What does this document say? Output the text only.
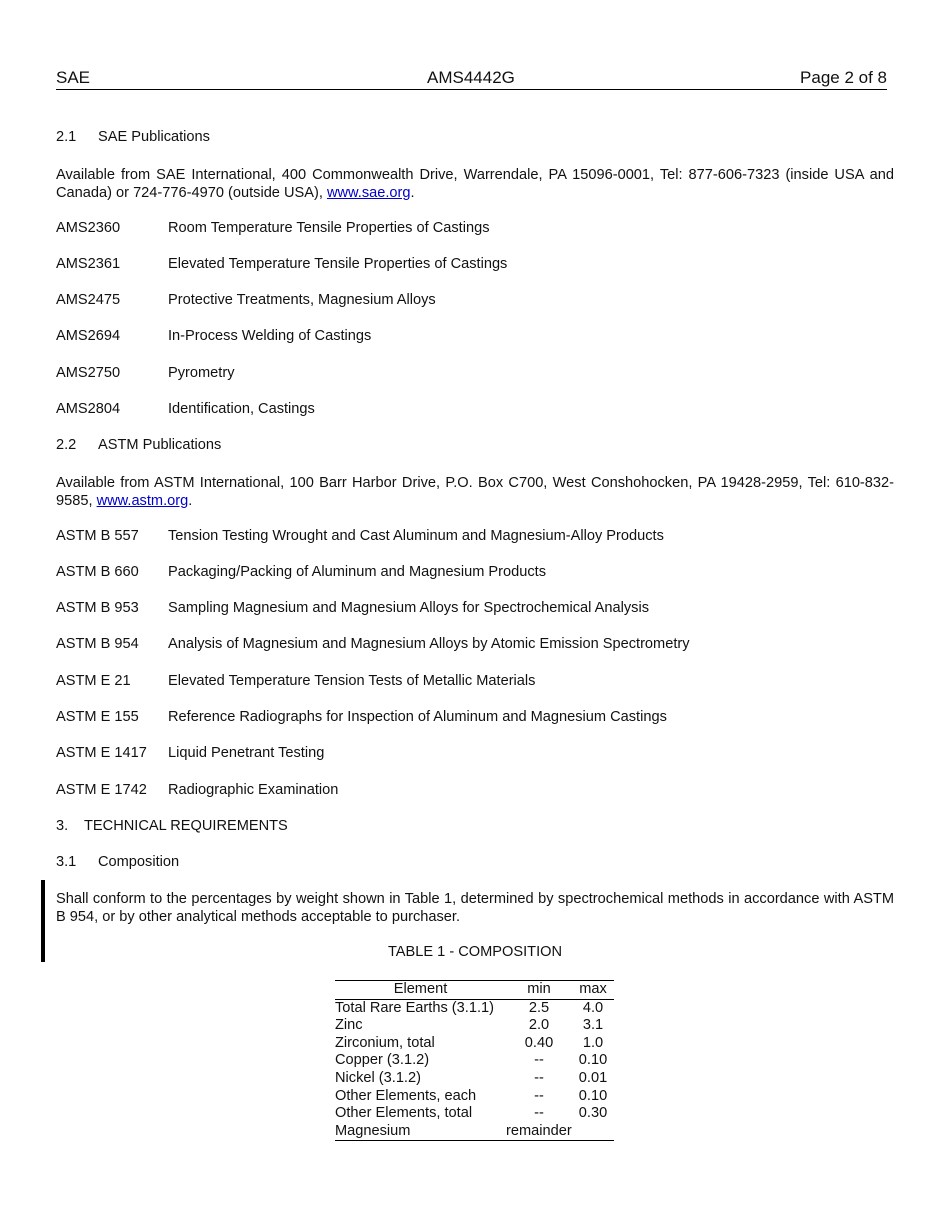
SAE	AMS4442G	Page 2 of 8
2.1 SAE Publications
Available from SAE International, 400 Commonwealth Drive, Warrendale, PA 15096-0001, Tel: 877-606-7323 (inside USA and Canada) or 724-776-4970 (outside USA), www.sae.org.
AMS2360	Room Temperature Tensile Properties of Castings
AMS2361	Elevated Temperature Tensile Properties of Castings
AMS2475	Protective Treatments, Magnesium Alloys
AMS2694	In-Process Welding of Castings
AMS2750	Pyrometry
AMS2804	Identification, Castings
2.2 ASTM Publications
Available from ASTM International, 100 Barr Harbor Drive, P.O. Box C700, West Conshohocken, PA 19428-2959, Tel: 610-832-9585, www.astm.org.
ASTM B 557 Tension Testing Wrought and Cast Aluminum and Magnesium-Alloy Products
ASTM B 660 Packaging/Packing of Aluminum and Magnesium Products
ASTM B 953 Sampling Magnesium and Magnesium Alloys for Spectrochemical Analysis
ASTM B 954 Analysis of Magnesium and Magnesium Alloys by Atomic Emission Spectrometry
ASTM E 21	Elevated Temperature Tension Tests of Metallic Materials
ASTM E 155 Reference Radiographs for Inspection of Aluminum and Magnesium Castings
ASTM E 1417 Liquid Penetrant Testing
ASTM E 1742 Radiographic Examination
3. TECHNICAL REQUIREMENTS
3.1 Composition
Shall conform to the percentages by weight shown in Table 1, determined by spectrochemical methods in accordance with ASTM B 954, or by other analytical methods acceptable to purchaser.
TABLE 1 - COMPOSITION
Element	min	max
Total Rare Earths (3.1.1)	2.5	4.0
Zinc	2.0	3.1
Zirconium, total	0.40	1.0
Copper (3.1.2)	--	0.10
Nickel (3.1.2)	--	0.01
Other Elements, each	--	0.10
Other Elements, total	--	0.30
Magnesium	remainder	
